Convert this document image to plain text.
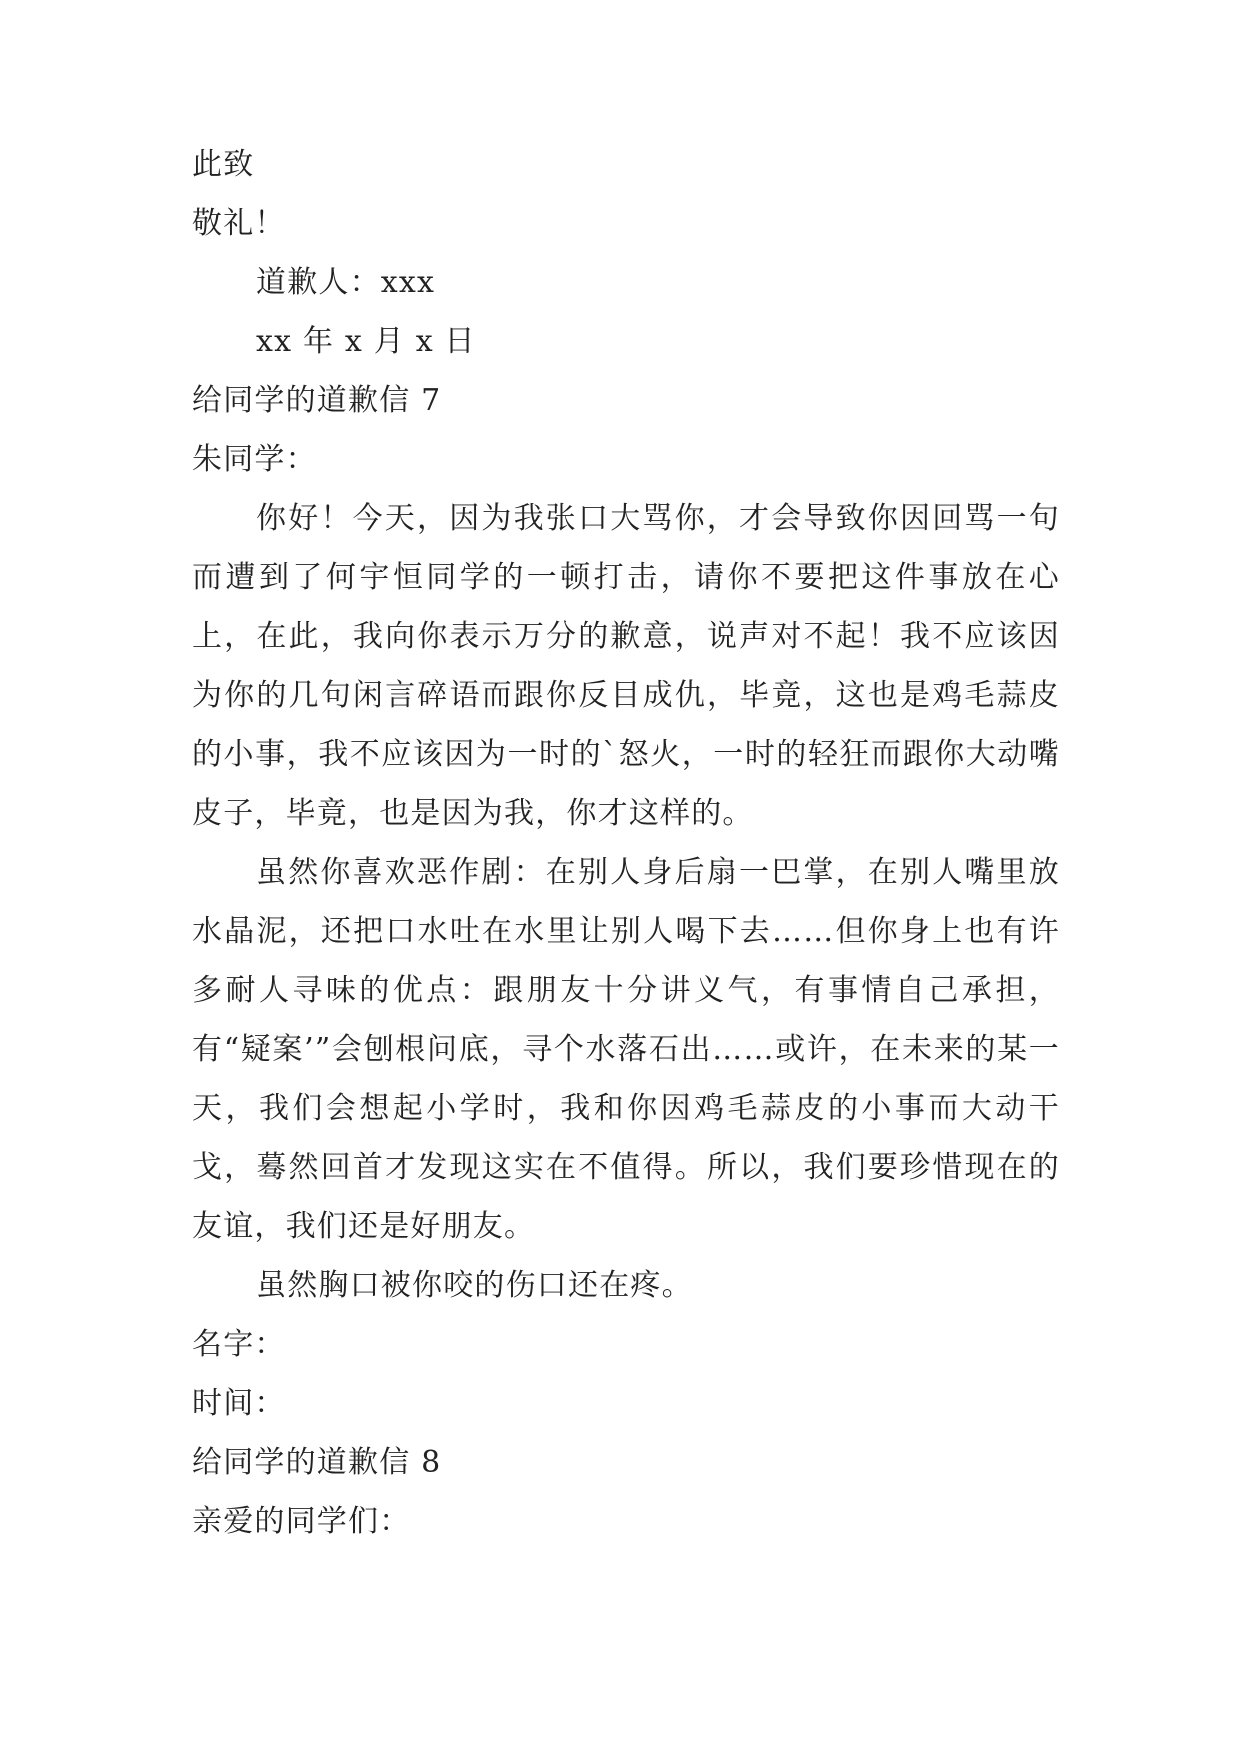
此致
敬礼！
道歉人：xxx
xx 年 x 月 x 日
给同学的道歉信 7
朱同学：

你好！今天，因为我张口大骂你，才会导致你因回骂一句而遭到了何宇恒同学的一顿打击，请你不要把这件事放在心上，在此，我向你表示万分的歉意，说声对不起！我不应该因为你的几句闲言碎语而跟你反目成仇，毕竟，这也是鸡毛蒜皮的小事，我不应该因为一时的`怒火，一时的轻狂而跟你大动嘴皮子，毕竟，也是因为我，你才这样的。

虽然你喜欢恶作剧：在别人身后扇一巴掌，在别人嘴里放水晶泥，还把口水吐在水里让别人喝下去……但你身上也有许多耐人寻味的优点：跟朋友十分讲义气，有事情自己承担，有“疑案’”会刨根问底，寻个水落石出……或许，在未来的某一天，我们会想起小学时，我和你因鸡毛蒜皮的小事而大动干戈，蓦然回首才发现这实在不值得。所以，我们要珍惜现在的友谊，我们还是好朋友。

虽然胸口被你咬的伤口还在疼。
名字：
时间：
给同学的道歉信 8
亲爱的同学们：
